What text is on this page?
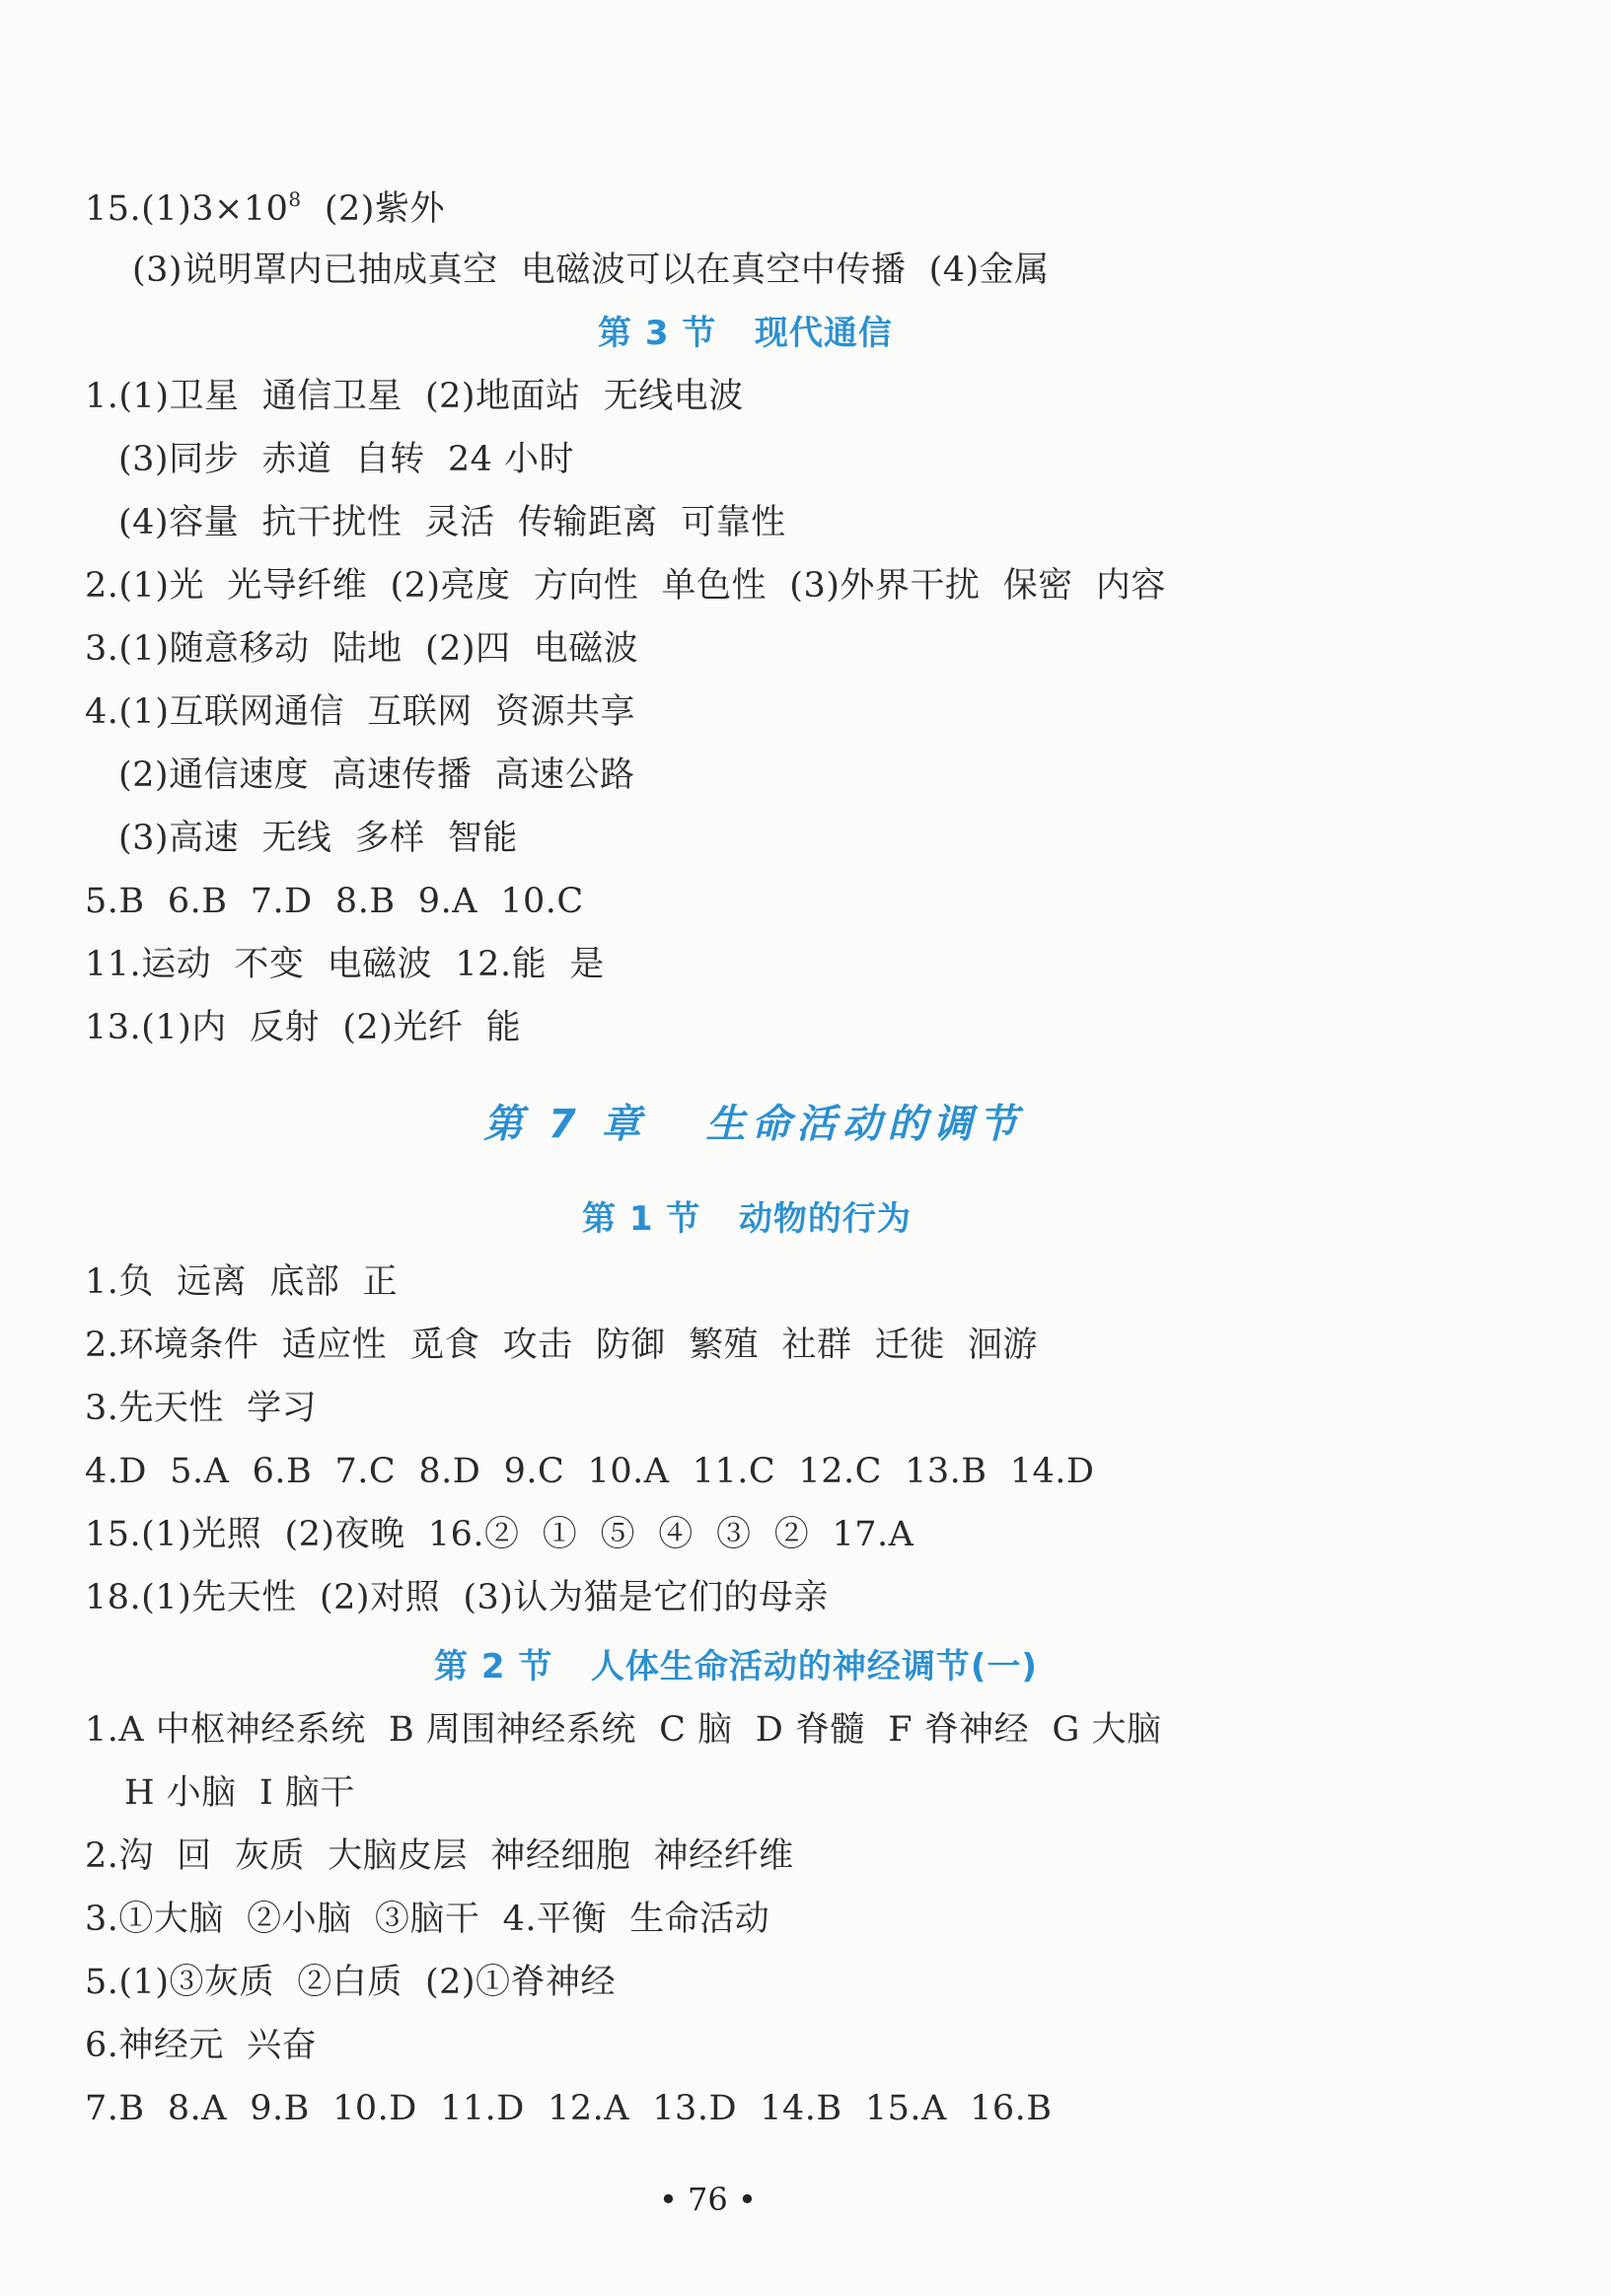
$15.(1)3\times 10^8$  (2)紫外
(3)说明罩内已抽成真空  电磁波可以在真空中传播  (4)金属
第 3 节   现代通信
1.(1)卫星  通信卫星  (2)地面站  无线电波
(3)同步  赤道  自转  24 小时
(4)容量  抗干扰性  灵活  传输距离  可靠性
2.(1)光  光导纤维  (2)亮度  方向性  单色性  (3)外界干扰  保密  内容
3.(1)随意移动  陆地  (2)四  电磁波
4.(1)互联网通信  互联网  资源共享
(2)通信速度  高速传播  高速公路
(3)高速  无线  多样  智能
5.B  6.B  7.D  8.B  9.A  10.C
11.运动  不变  电磁波  12.能  是
13.(1)内  反射  (2)光纤  能
第 7 章   生命活动的调节
第 1 节   动物的行为
1.负  远离  底部  正
2.环境条件  适应性  觅食  攻击  防御  繁殖  社群  迁徙  洄游
3.先天性  学习
4.D  5.A  6.B  7.C  8.D  9.C  10.A  11.C  12.C  13.B  14.D
15.(1)光照  (2)夜晚  16.②  ①  ⑤  ④  ③  ②  17.A
18.(1)先天性  (2)对照  (3)认为猫是它们的母亲
第 2 节   人体生命活动的神经调节(一)
1.A 中枢神经系统  B 周围神经系统  C 脑  D 脊髓  F 脊神经  G 大脑
H 小脑  I 脑干
2.沟  回  灰质  大脑皮层  神经细胞  神经纤维
3.①大脑  ②小脑  ③脑干  4.平衡  生命活动
5.(1)③灰质  ②白质  (2)①脊神经
6.神经元  兴奋
7.B  8.A  9.B  10.D  11.D  12.A  13.D  14.B  15.A  16.B
• 76 •
